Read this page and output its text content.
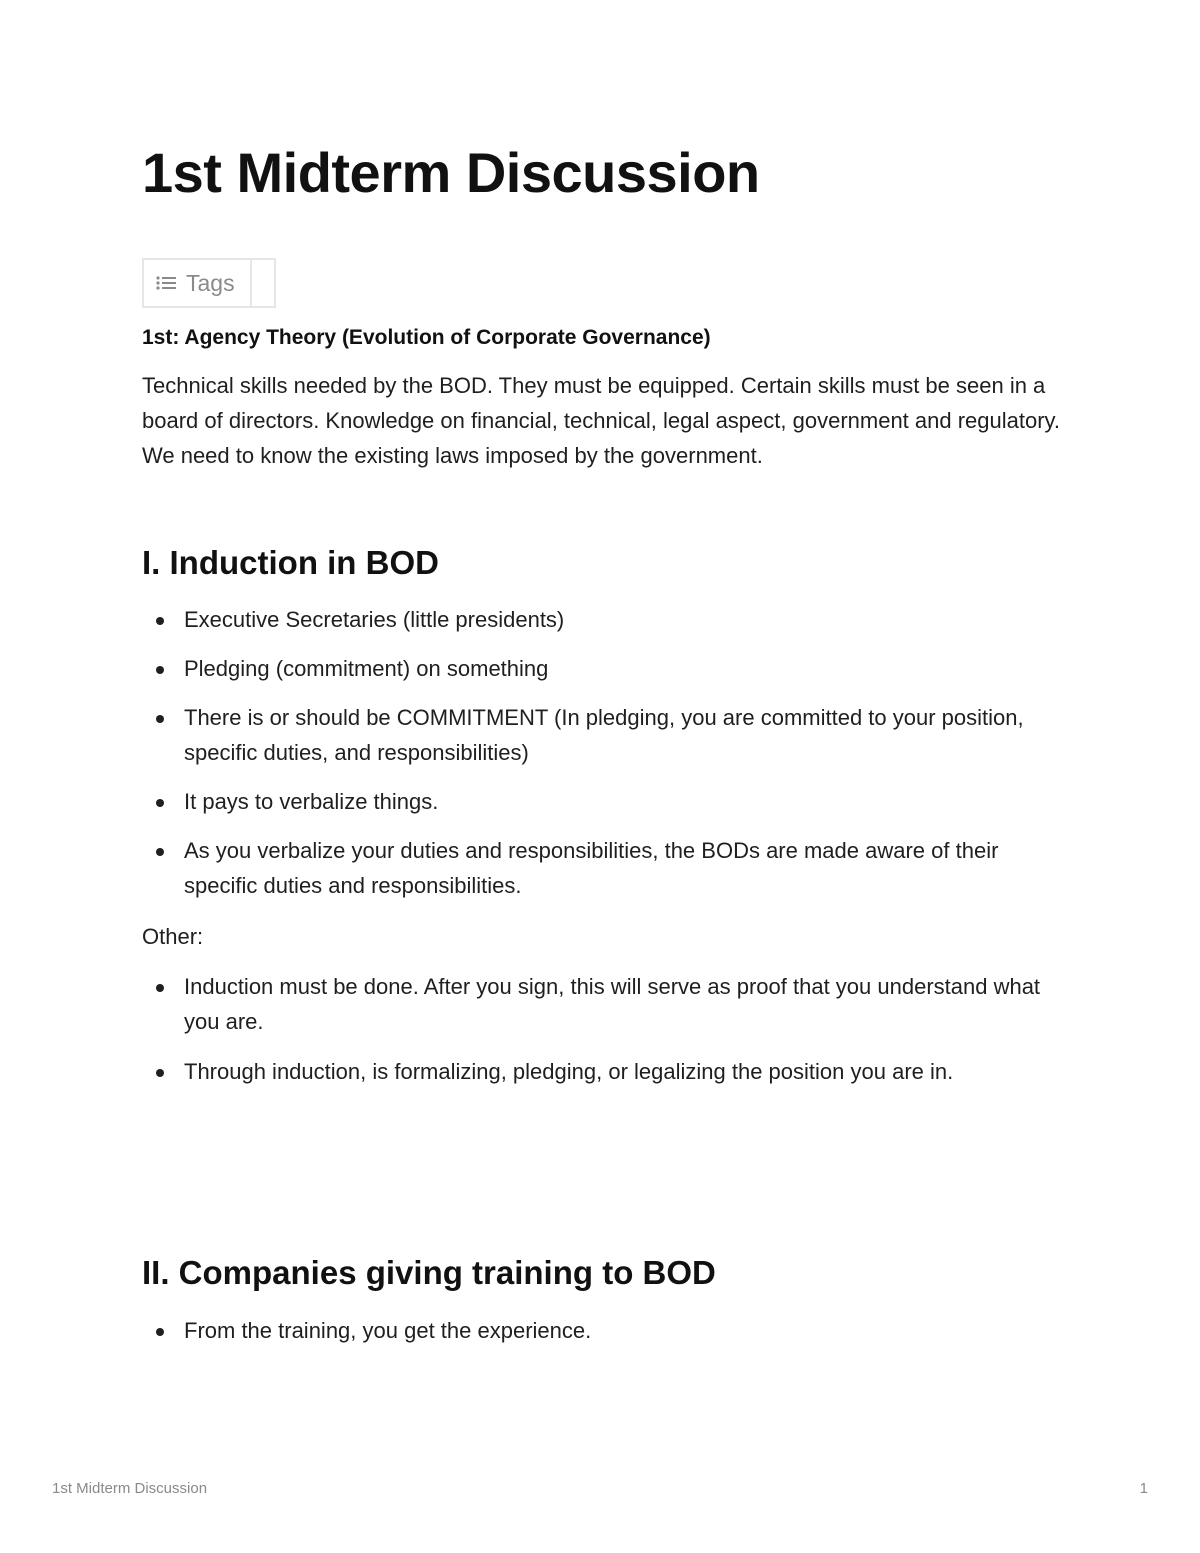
1st Midterm Discussion
Tags

1st: Agency Theory (Evolution of Corporate Governance)

Technical skills needed by the BOD. They must be equipped. Certain skills must be seen in a board of directors. Knowledge on financial, technical, legal aspect, government and regulatory. We need to know the existing laws imposed by the government.

I. Induction in BOD
Executive Secretaries (little presidents)
Pledging (commitment) on something
There is or should be COMMITMENT (In pledging, you are committed to your position, specific duties, and responsibilities)
It pays to verbalize things.
As you verbalize your duties and responsibilities, the BODs are made aware of their specific duties and responsibilities.

Other:

Induction must be done. After you sign, this will serve as proof that you understand what you are.
Through induction, is formalizing, pledging, or legalizing the position you are in.
II. Companies giving training to BOD
From the training, you get the experience.
1st Midterm Discussion	1
